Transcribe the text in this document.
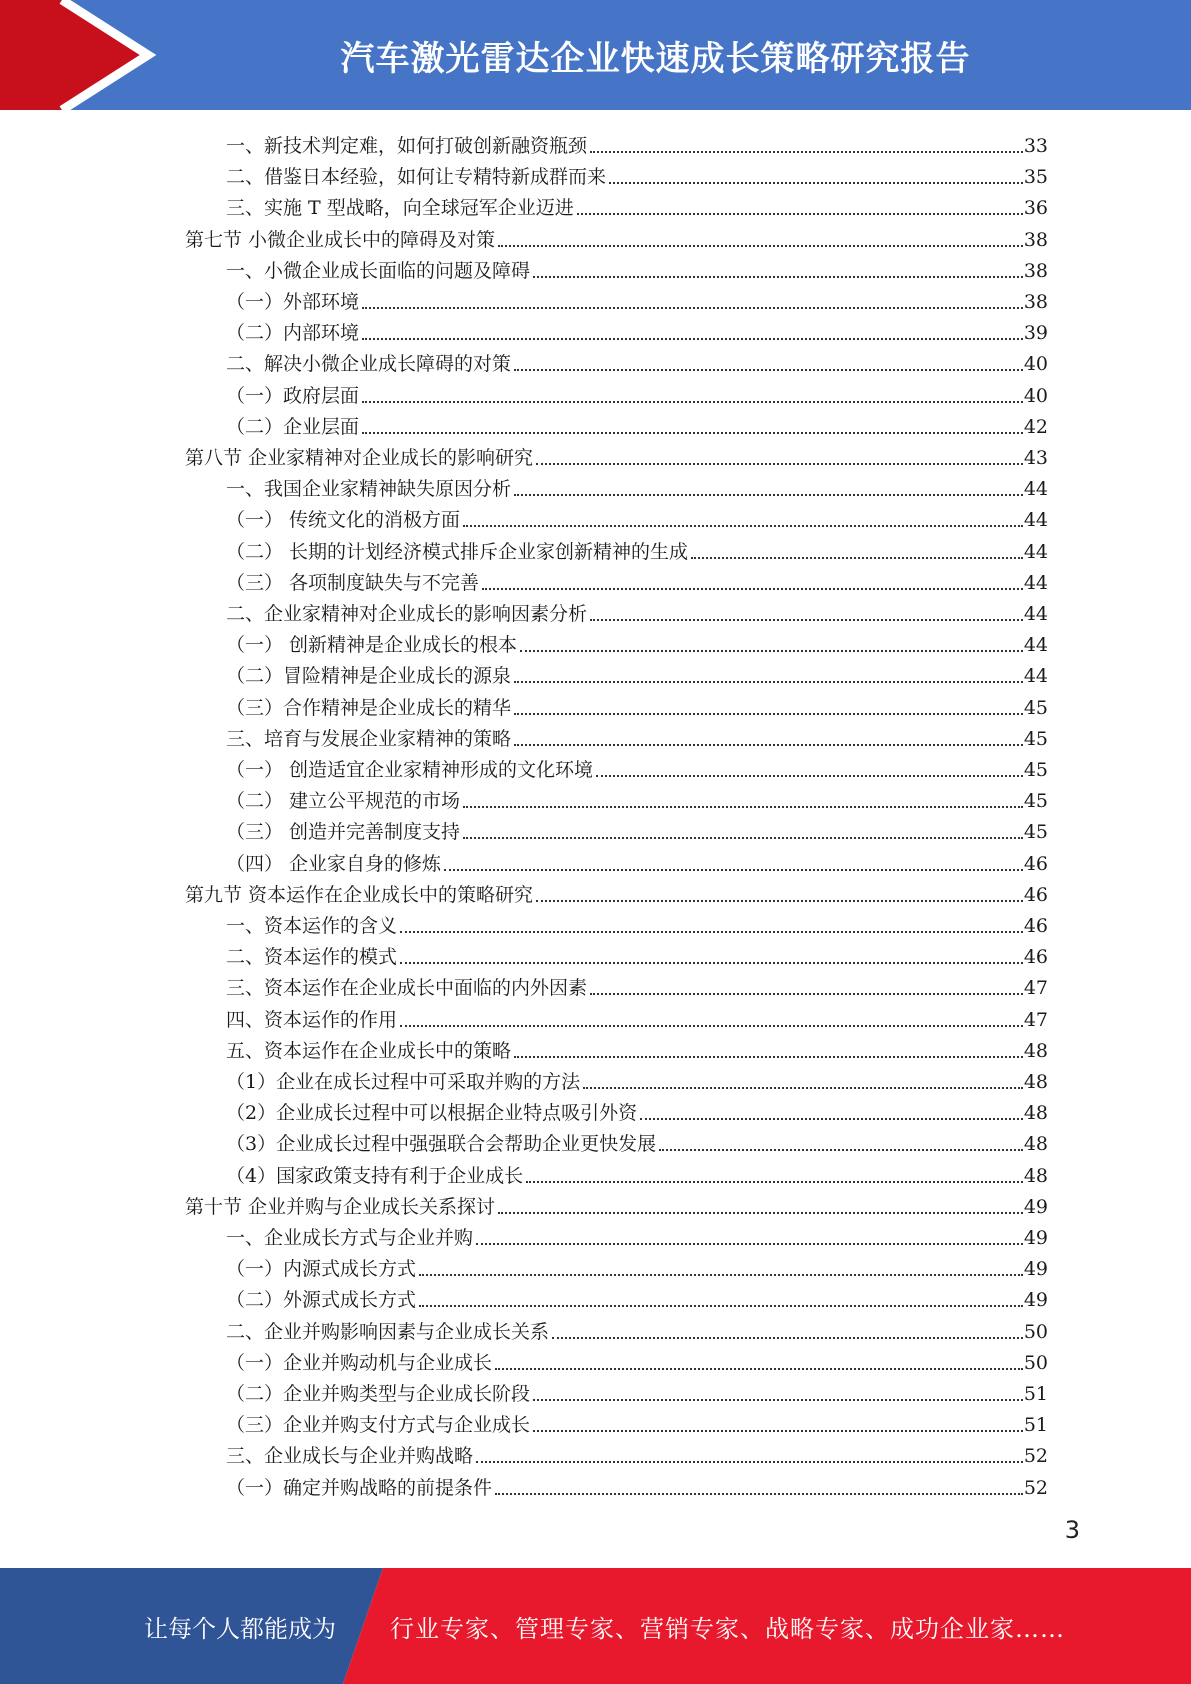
汽车激光雷达企业快速成长策略研究报告
一、新技术判定难，如何打破创新融资瓶颈	33
二、借鉴日本经验，如何让专精特新成群而来	35
三、实施 T 型战略，向全球冠军企业迈进	36
第七节 小微企业成长中的障碍及对策	38
一、小微企业成长面临的问题及障碍	38
（一）外部环境	38
（二）内部环境	39
二、解决小微企业成长障碍的对策	40
（一）政府层面	40
（二）企业层面	42
第八节 企业家精神对企业成长的影响研究	43
一、我国企业家精神缺失原因分析	44
（一） 传统文化的消极方面	44
（二） 长期的计划经济模式排斥企业家创新精神的生成	44
（三） 各项制度缺失与不完善	44
二、企业家精神对企业成长的影响因素分析	44
（一） 创新精神是企业成长的根本	44
（二）冒险精神是企业成长的源泉	44
（三）合作精神是企业成长的精华	45
三、培育与发展企业家精神的策略	45
（一） 创造适宜企业家精神形成的文化环境	45
（二） 建立公平规范的市场	45
（三） 创造并完善制度支持	45
（四） 企业家自身的修炼	46
第九节 资本运作在企业成长中的策略研究	46
一、资本运作的含义	46
二、资本运作的模式	46
三、资本运作在企业成长中面临的内外因素	47
四、资本运作的作用	47
五、资本运作在企业成长中的策略	48
（1）企业在成长过程中可采取并购的方法	48
（2）企业成长过程中可以根据企业特点吸引外资	48
（3）企业成长过程中强强联合会帮助企业更快发展	48
（4）国家政策支持有利于企业成长	48
第十节 企业并购与企业成长关系探讨	49
一、企业成长方式与企业并购	49
（一）内源式成长方式	49
（二）外源式成长方式	49
二、企业并购影响因素与企业成长关系	50
（一）企业并购动机与企业成长	50
（二）企业并购类型与企业成长阶段	51
（三）企业并购支付方式与企业成长	51
三、企业成长与企业并购战略	52
（一）确定并购战略的前提条件	52
3
让每个人都能成为	行业专家、管理专家、营销专家、战略专家、成功企业家……
